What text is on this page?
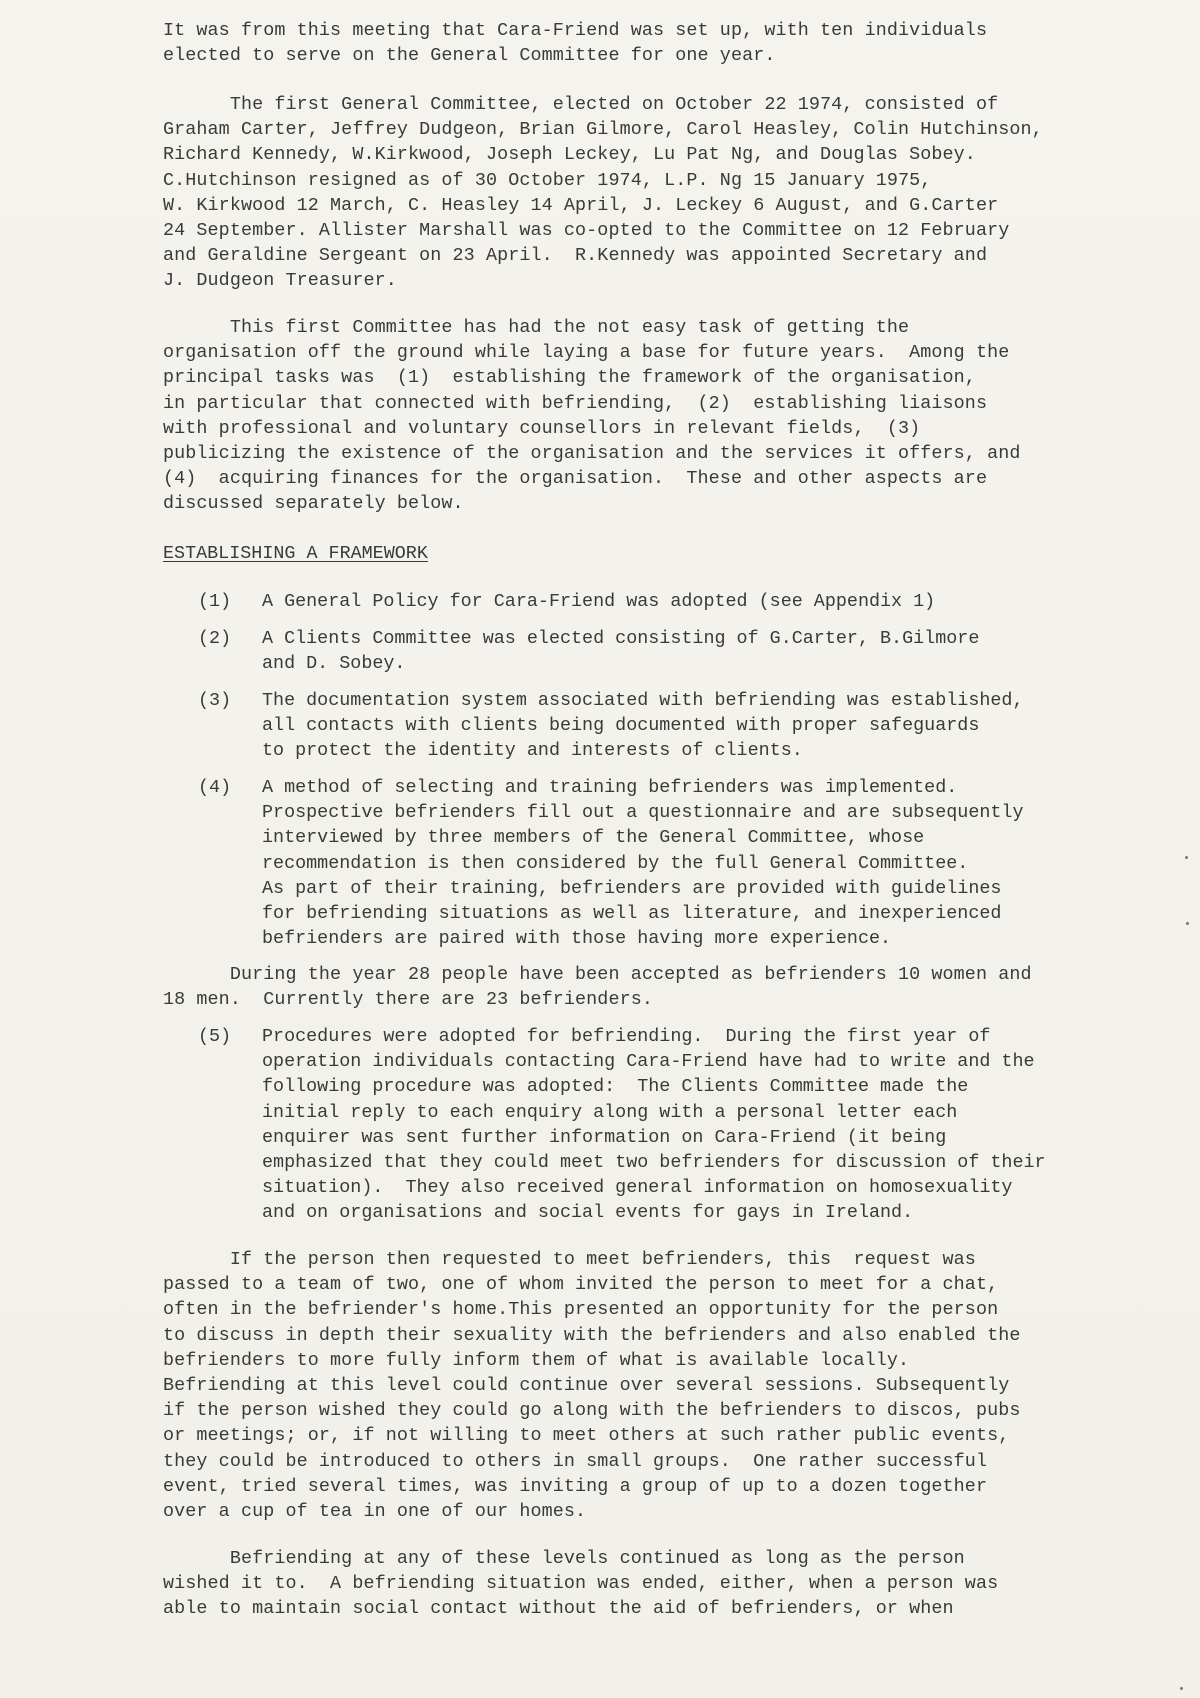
It was from this meeting that Cara-Friend was set up, with ten individuals
elected to serve on the General Committee for one year.

The first General Committee, elected on October 22 1974, consisted of
Graham Carter, Jeffrey Dudgeon, Brian Gilmore, Carol Heasley, Colin Hutchinson,
Richard Kennedy, W.Kirkwood, Joseph Leckey, Lu Pat Ng, and Douglas Sobey.
C.Hutchinson resigned as of 30 October 1974, L.P. Ng 15 January 1975,
W. Kirkwood 12 March, C. Heasley 14 April, J. Leckey 6 August, and G.Carter
24 September. Allister Marshall was co-opted to the Committee on 12 February
and Geraldine Sergeant on 23 April.  R.Kennedy was appointed Secretary and
J. Dudgeon Treasurer.

This first Committee has had the not easy task of getting the
organisation off the ground while laying a base for future years.  Among the
principal tasks was  (1)  establishing the framework of the organisation,
in particular that connected with befriending,  (2)  establishing liaisons
with professional and voluntary counsellors in relevant fields,  (3)
publicizing the existence of the organisation and the services it offers, and
(4)  acquiring finances for the organisation.  These and other aspects are
discussed separately below.

ESTABLISHING A FRAMEWORK
(1) A General Policy for Cara-Friend was adopted (see Appendix 1)
(2) A Clients Committee was elected consisting of G.Carter, B.Gilmore
and D. Sobey.
(3) The documentation system associated with befriending was established,
all contacts with clients being documented with proper safeguards
to protect the identity and interests of clients.
(4) A method of selecting and training befrienders was implemented.
Prospective befrienders fill out a questionnaire and are subsequently
interviewed by three members of the General Committee, whose
recommendation is then considered by the full General Committee.
As part of their training, befrienders are provided with guidelines
for befriending situations as well as literature, and inexperienced
befrienders are paired with those having more experience.

During the year 28 people have been accepted as befrienders 10 women and
18 men.  Currently there are 23 befrienders.

(5) Procedures were adopted for befriending.  During the first year of
operation individuals contacting Cara-Friend have had to write and the
following procedure was adopted:  The Clients Committee made the
initial reply to each enquiry along with a personal letter each
enquirer was sent further information on Cara-Friend (it being
emphasized that they could meet two befrienders for discussion of their
situation).  They also received general information on homosexuality
and on organisations and social events for gays in Ireland.

If the person then requested to meet befrienders, this  request was
passed to a team of two, one of whom invited the person to meet for a chat,
often in the befriender's home.This presented an opportunity for the person
to discuss in depth their sexuality with the befrienders and also enabled the
befrienders to more fully inform them of what is available locally.
Befriending at this level could continue over several sessions. Subsequently
if the person wished they could go along with the befrienders to discos, pubs
or meetings; or, if not willing to meet others at such rather public events,
they could be introduced to others in small groups.  One rather successful
event, tried several times, was inviting a group of up to a dozen together
over a cup of tea in one of our homes.

Befriending at any of these levels continued as long as the person
wished it to.  A befriending situation was ended, either, when a person was
able to maintain social contact without the aid of befrienders, or when
